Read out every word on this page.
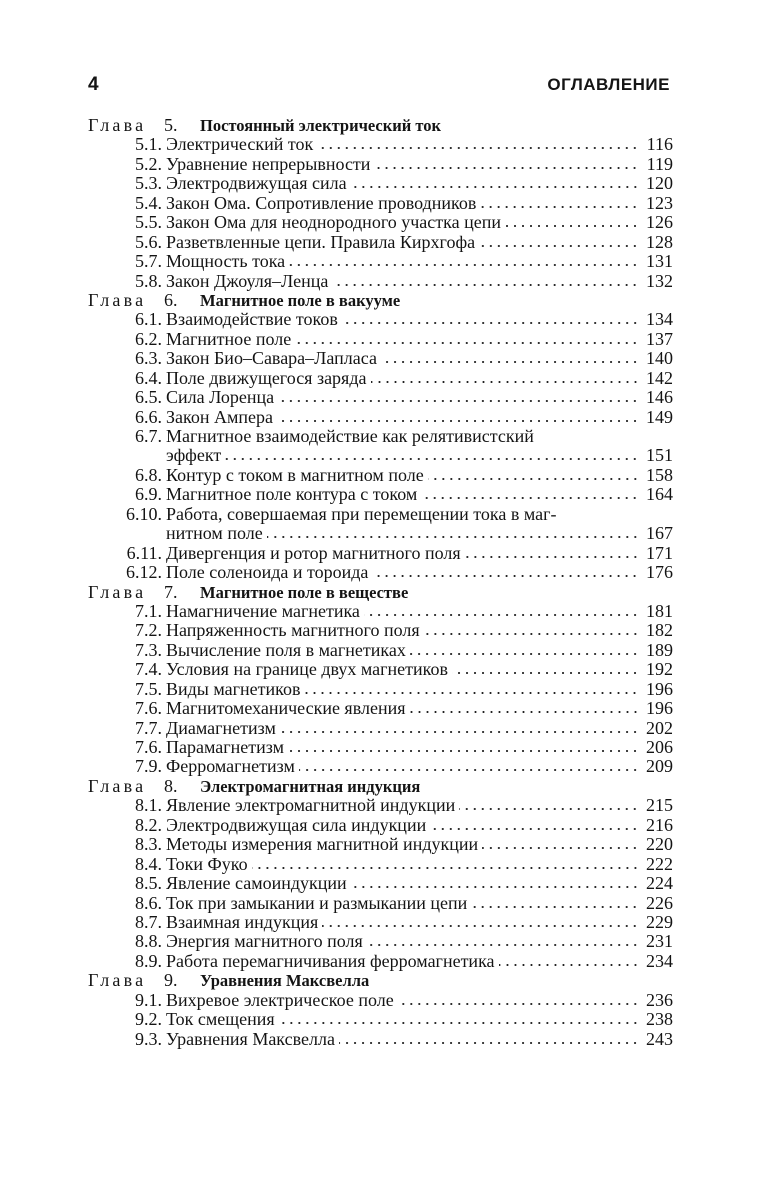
4	ОГЛАВЛЕНИЕ
Глава 5.	Постоянный электрический ток
5.1. Электрический ток	116
5.2. Уравнение непрерывности	119
5.3. Электродвижущая сила	120
5.4. Закон Ома. Сопротивление проводников	123
5.5. Закон Ома для неоднородного участка цепи	126
5.6. Разветвленные цепи. Правила Кирхгофа	128
5.7. Мощность тока	131
5.8. Закон Джоуля–Ленца	132
Глава 6.	Магнитное поле в вакууме
6.1. Взаимодействие токов	134
6.2. Магнитное поле	137
6.3. Закон Био–Савара–Лапласа	140
6.4. Поле движущегося заряда	142
6.5. Сила Лоренца	146
6.6. Закон Ампера	149
6.7. Магнитное взаимодействие как релятивистский
эффект	151
6.8. Контур с током в магнитном поле	158
6.9. Магнитное поле контура с током	164
6.10. Работа, совершаемая при перемещении тока в маг-
нитном поле	167
6.11. Дивергенция и ротор магнитного поля	171
6.12. Поле соленоида и тороида	176
Глава 7.	Магнитное поле в веществе
7.1. Намагничение магнетика	181
7.2. Напряженность магнитного поля	182
7.3. Вычисление поля в магнетиках	189
7.4. Условия на границе двух магнетиков	192
7.5. Виды магнетиков	196
7.6. Магнитомеханические явления	196
7.7. Диамагнетизм	202
7.6. Парамагнетизм	206
7.9. Ферромагнетизм	209
Глава 8.	Электромагнитная индукция
8.1. Явление электромагнитной индукции	215
8.2. Электродвижущая сила индукции	216
8.3. Методы измерения магнитной индукции	220
8.4. Токи Фуко	222
8.5. Явление самоиндукции	224
8.6. Ток при замыкании и размыкании цепи	226
8.7. Взаимная индукция	229
8.8. Энергия магнитного поля	231
8.9. Работа перемагничивания ферромагнетика	234
Глава 9.	Уравнения Максвелла
9.1. Вихревое электрическое поле	236
9.2. Ток смещения	238
9.3. Уравнения Максвелла	243
